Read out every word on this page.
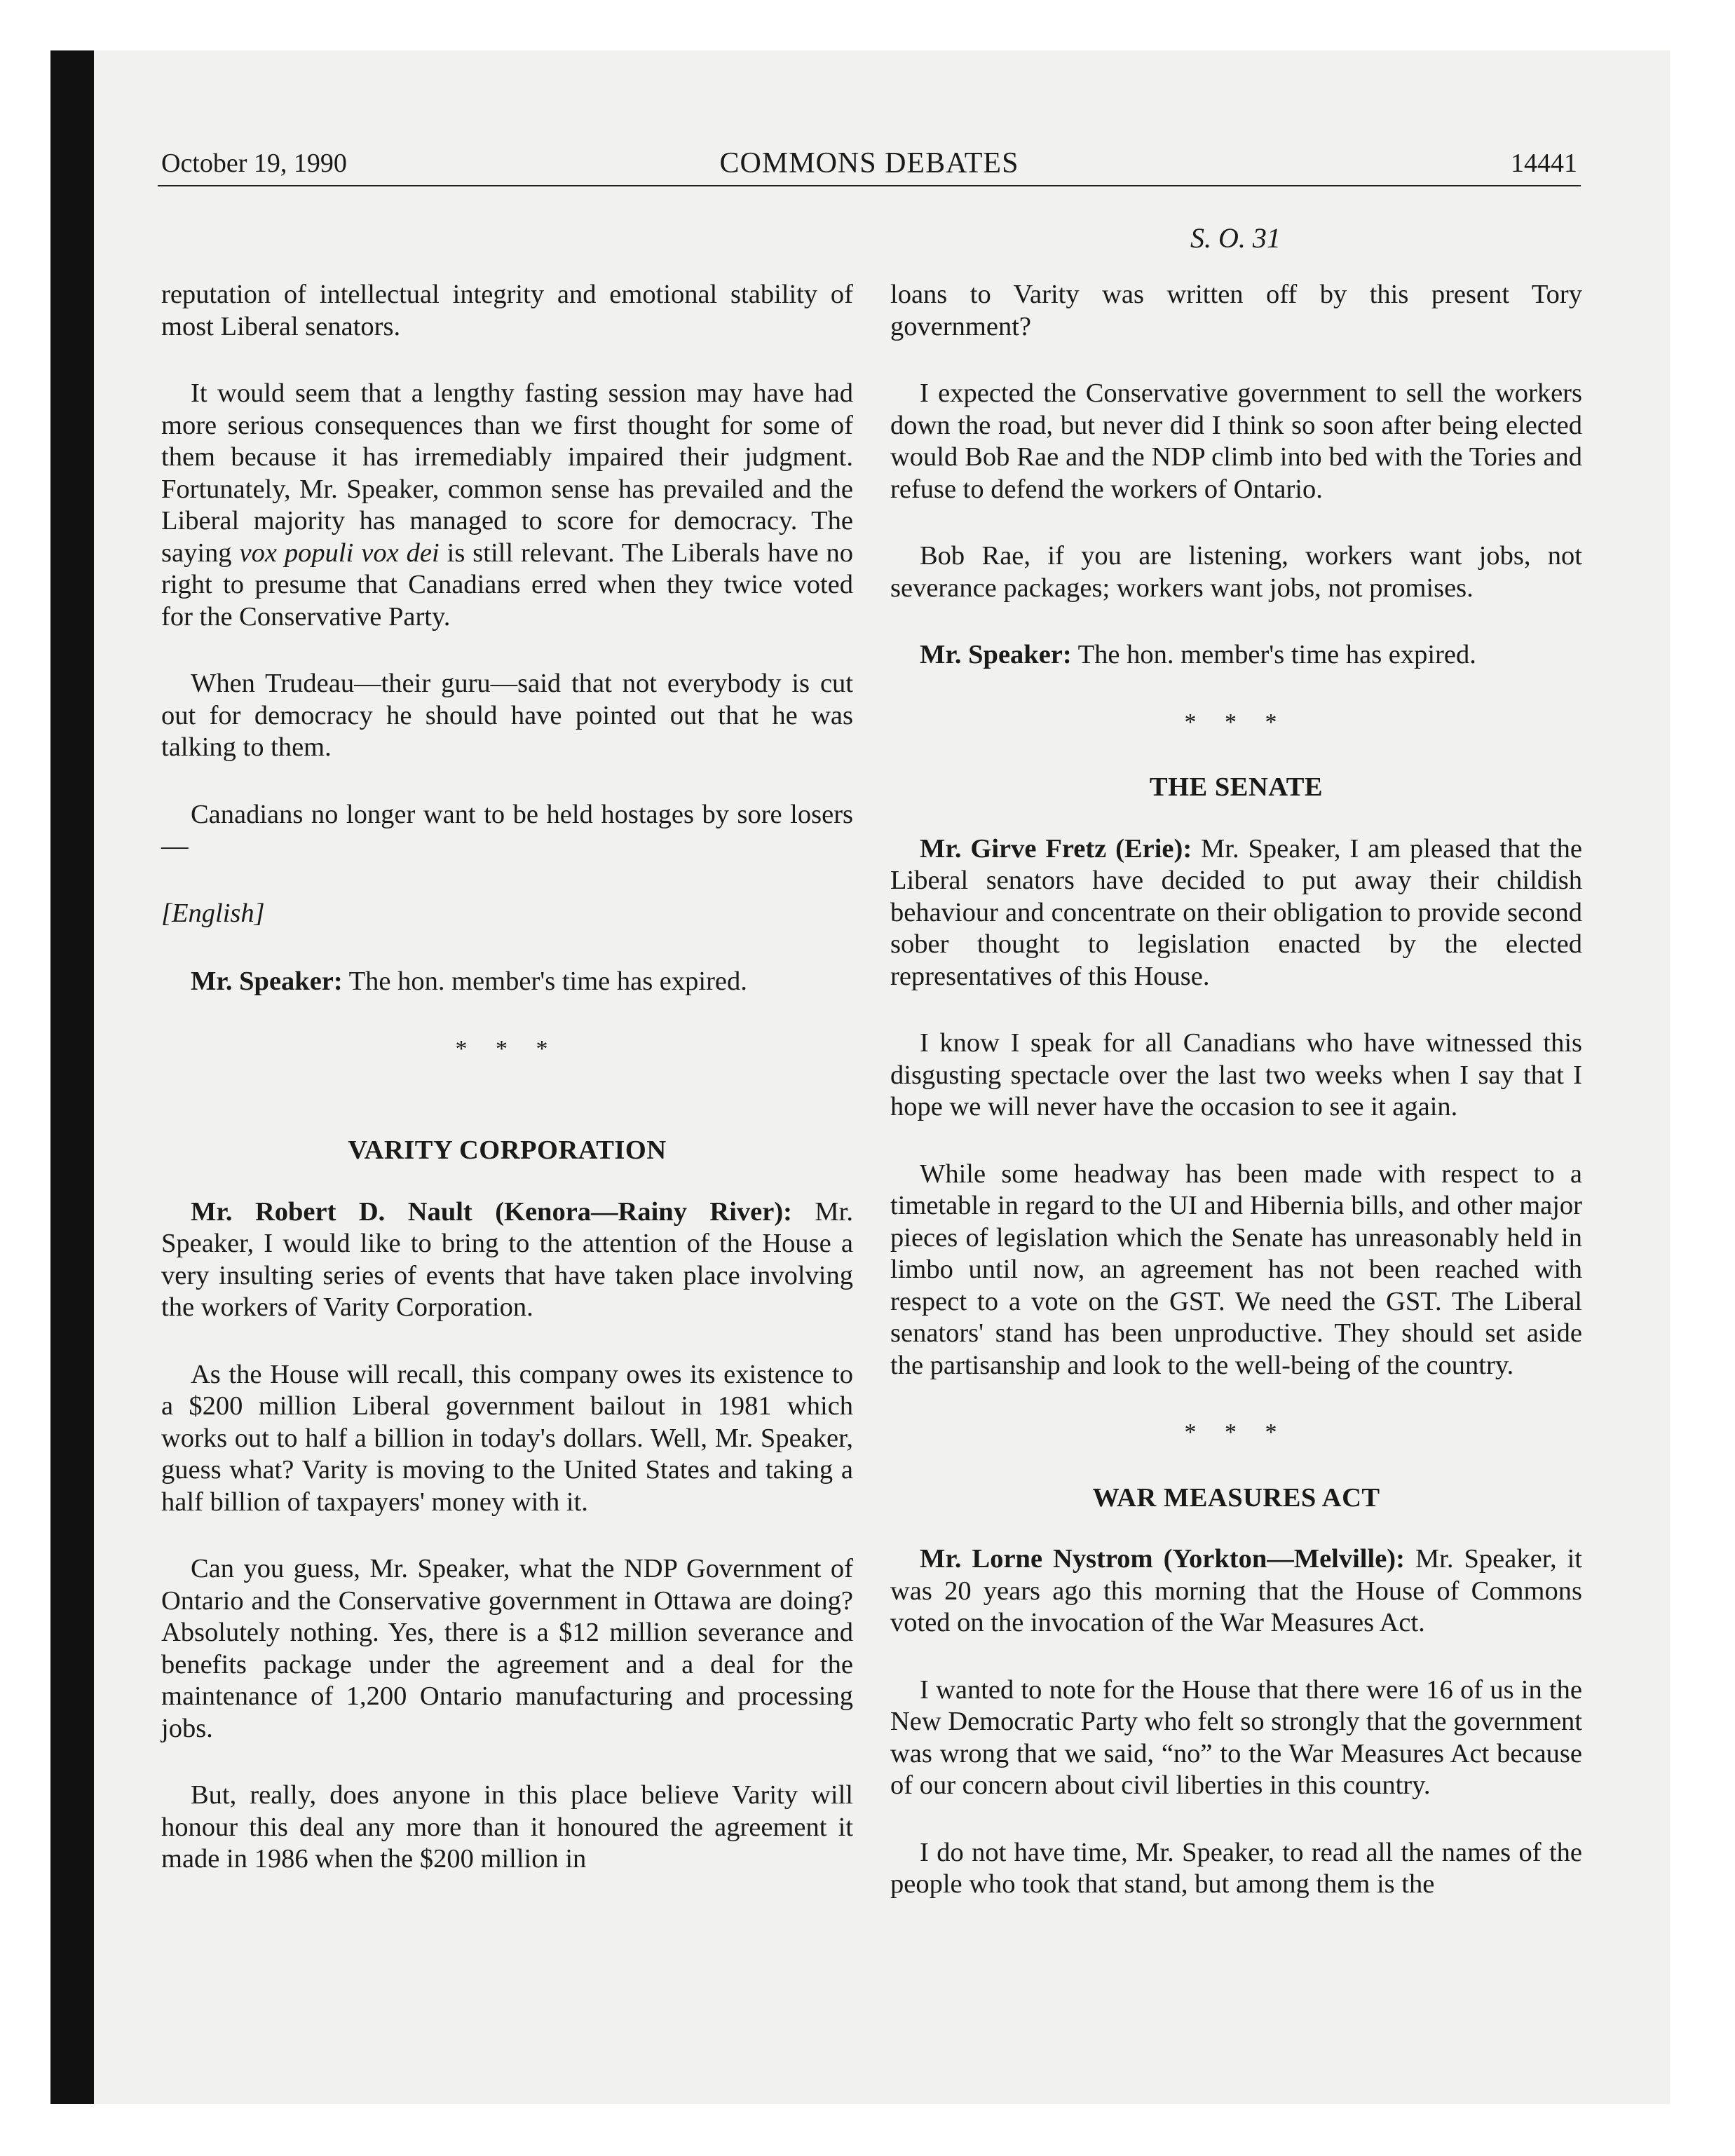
October 19, 1990	COMMONS DEBATES	14441
S. O. 31

reputation of intellectual integrity and emotional stability of most Liberal senators.

It would seem that a lengthy fasting session may have had more serious consequences than we first thought for some of them because it has irremediably impaired their judgment. Fortunately, Mr. Speaker, common sense has prevailed and the Liberal majority has managed to score for democracy. The saying vox populi vox dei is still relevant. The Liberals have no right to presume that Canadians erred when they twice voted for the Conservative Party.

When Trudeau—their guru—said that not everybody is cut out for democracy he should have pointed out that he was talking to them.

Canadians no longer want to be held hostages by sore losers—

[English]

Mr. Speaker: The hon. member's time has expired.

* * *
VARITY CORPORATION

Mr. Robert D. Nault (Kenora—Rainy River): Mr. Speaker, I would like to bring to the attention of the House a very insulting series of events that have taken place involving the workers of Varity Corporation.

As the House will recall, this company owes its existence to a $200 million Liberal government bailout in 1981 which works out to half a billion in today's dollars. Well, Mr. Speaker, guess what? Varity is moving to the United States and taking a half billion of taxpayers' money with it.

Can you guess, Mr. Speaker, what the NDP Government of Ontario and the Conservative government in Ottawa are doing? Absolutely nothing. Yes, there is a $12 million severance and benefits package under the agreement and a deal for the maintenance of 1,200 Ontario manufacturing and processing jobs.

But, really, does anyone in this place believe Varity will honour this deal any more than it honoured the agreement it made in 1986 when the $200 million in

loans to Varity was written off by this present Tory government?

I expected the Conservative government to sell the workers down the road, but never did I think so soon after being elected would Bob Rae and the NDP climb into bed with the Tories and refuse to defend the workers of Ontario.

Bob Rae, if you are listening, workers want jobs, not severance packages; workers want jobs, not promises.

Mr. Speaker: The hon. member's time has expired.

* * *
THE SENATE

Mr. Girve Fretz (Erie): Mr. Speaker, I am pleased that the Liberal senators have decided to put away their childish behaviour and concentrate on their obligation to provide second sober thought to legislation enacted by the elected representatives of this House.

I know I speak for all Canadians who have witnessed this disgusting spectacle over the last two weeks when I say that I hope we will never have the occasion to see it again.

While some headway has been made with respect to a timetable in regard to the UI and Hibernia bills, and other major pieces of legislation which the Senate has unreasonably held in limbo until now, an agreement has not been reached with respect to a vote on the GST. We need the GST. The Liberal senators' stand has been unproductive. They should set aside the partisanship and look to the well-being of the country.

* * *
WAR MEASURES ACT

Mr. Lorne Nystrom (Yorkton—Melville): Mr. Speaker, it was 20 years ago this morning that the House of Commons voted on the invocation of the War Measures Act.

I wanted to note for the House that there were 16 of us in the New Democratic Party who felt so strongly that the government was wrong that we said, “no” to the War Measures Act because of our concern about civil liberties in this country.

I do not have time, Mr. Speaker, to read all the names of the people who took that stand, but among them is the
